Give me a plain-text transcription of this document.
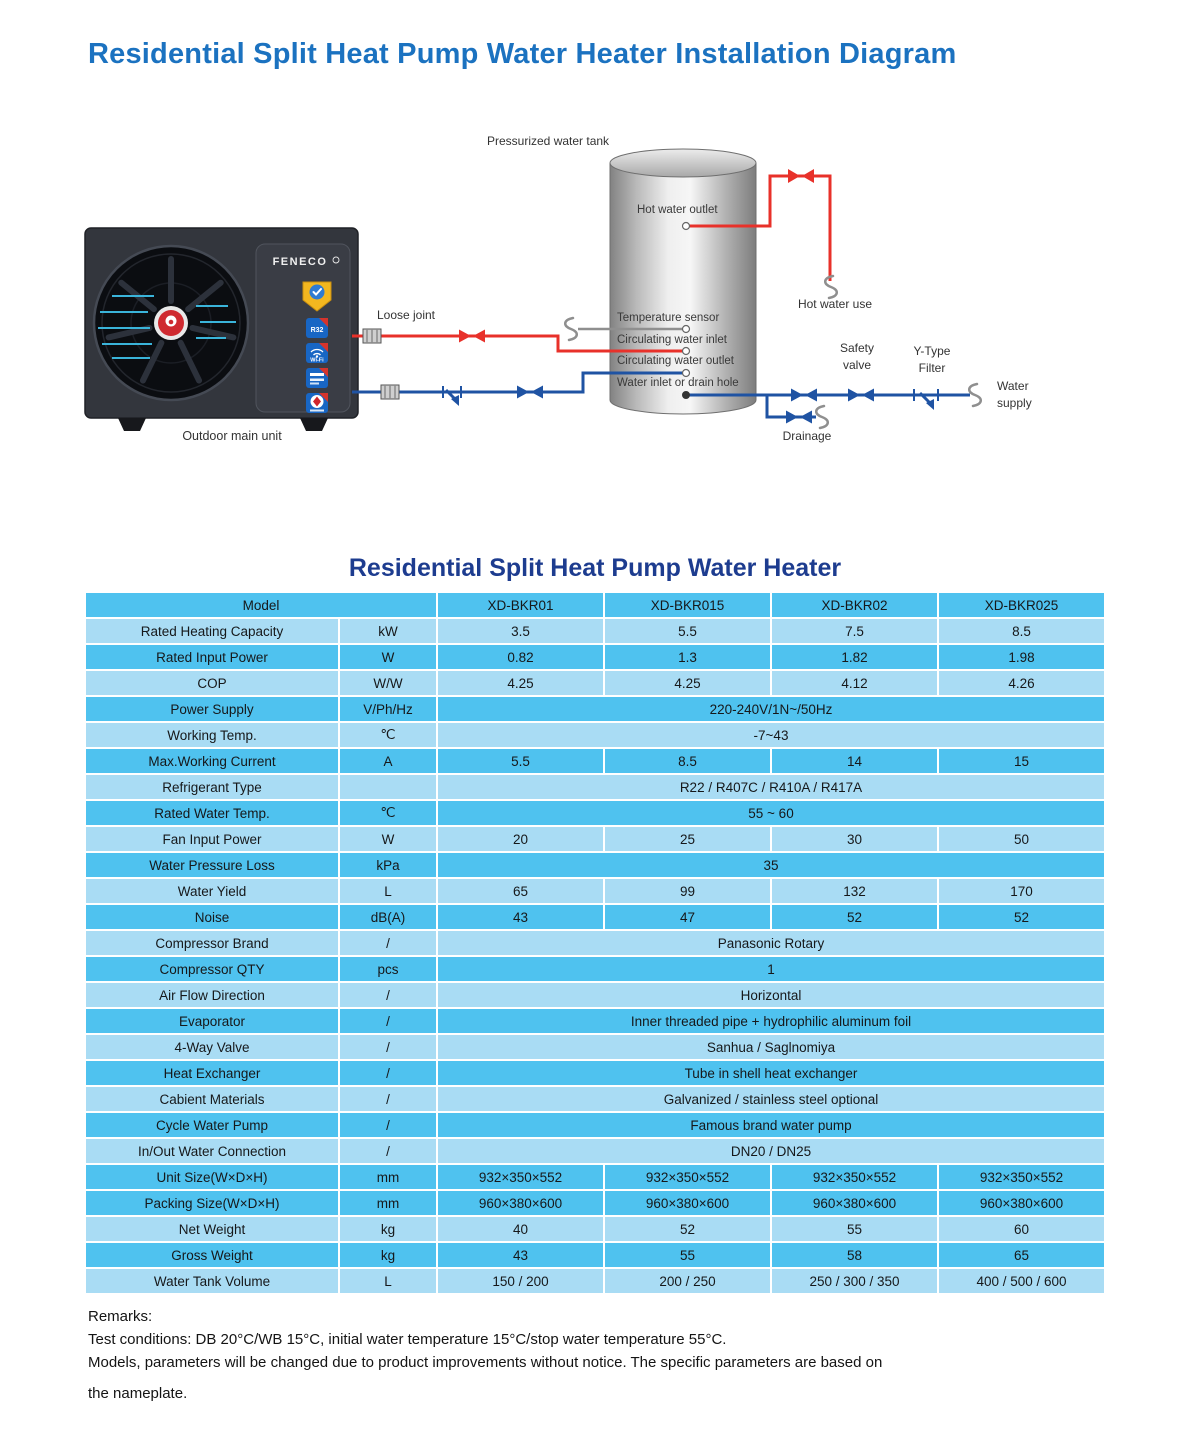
Residential Split Heat Pump Water Heater Installation Diagram
Pressurized water tank
FENECO
R32
Wi-Fi
Outdoor main unit
Hot water use
Loose joint
Safety
valve
Y-Type
Filter
Water
supply
Drainage
Hot water outlet
Temperature sensor
Circulating water inlet
Circulating water outlet
Water inlet or drain hole
Residential Split Heat Pump Water Heater
Model		XD-BKR01	XD-BKR015	XD-BKR02	XD-BKR025
Rated Heating Capacity	kW	3.5	5.5	7.5	8.5
Rated Input Power	W	0.82	1.3	1.82	1.98
COP	W/W	4.25	4.25	4.12	4.26
Power Supply	V/Ph/Hz	220-240V/1N~/50Hz			
Working Temp.	℃	-7~43			
Max.Working Current	A	5.5	8.5	14	15
Refrigerant Type		R22 / R407C / R410A / R417A			
Rated Water Temp.	℃	55 ~ 60			
Fan Input Power	W	20	25	30	50
Water Pressure Loss	kPa	35			
Water Yield	L	65	99	132	170
Noise	dB(A)	43	47	52	52
Compressor Brand	/	Panasonic Rotary			
Compressor QTY	pcs	1			
Air Flow Direction	/	Horizontal			
Evaporator	/	Inner threaded pipe + hydrophilic aluminum foil			
4-Way Valve	/	Sanhua / Saglnomiya			
Heat Exchanger	/	Tube in shell heat exchanger			
Cabient Materials	/	Galvanized / stainless steel optional			
Cycle Water Pump	/	Famous brand water pump			
In/Out Water Connection	/	DN20 / DN25			
Unit Size(W×D×H)	mm	932×350×552	932×350×552	932×350×552	932×350×552
Packing Size(W×D×H)	mm	960×380×600	960×380×600	960×380×600	960×380×600
Net Weight	kg	40	52	55	60
Gross Weight	kg	43	55	58	65
Water Tank Volume	L	150 / 200	200 / 250	250 / 300 / 350	400 / 500 / 600

Remarks:

Test conditions: DB 20°C/WB 15°C, initial water temperature 15°C/stop water temperature 55°C.

Models, parameters will be changed due to product improvements without notice. The specific parameters are based on

the nameplate.
